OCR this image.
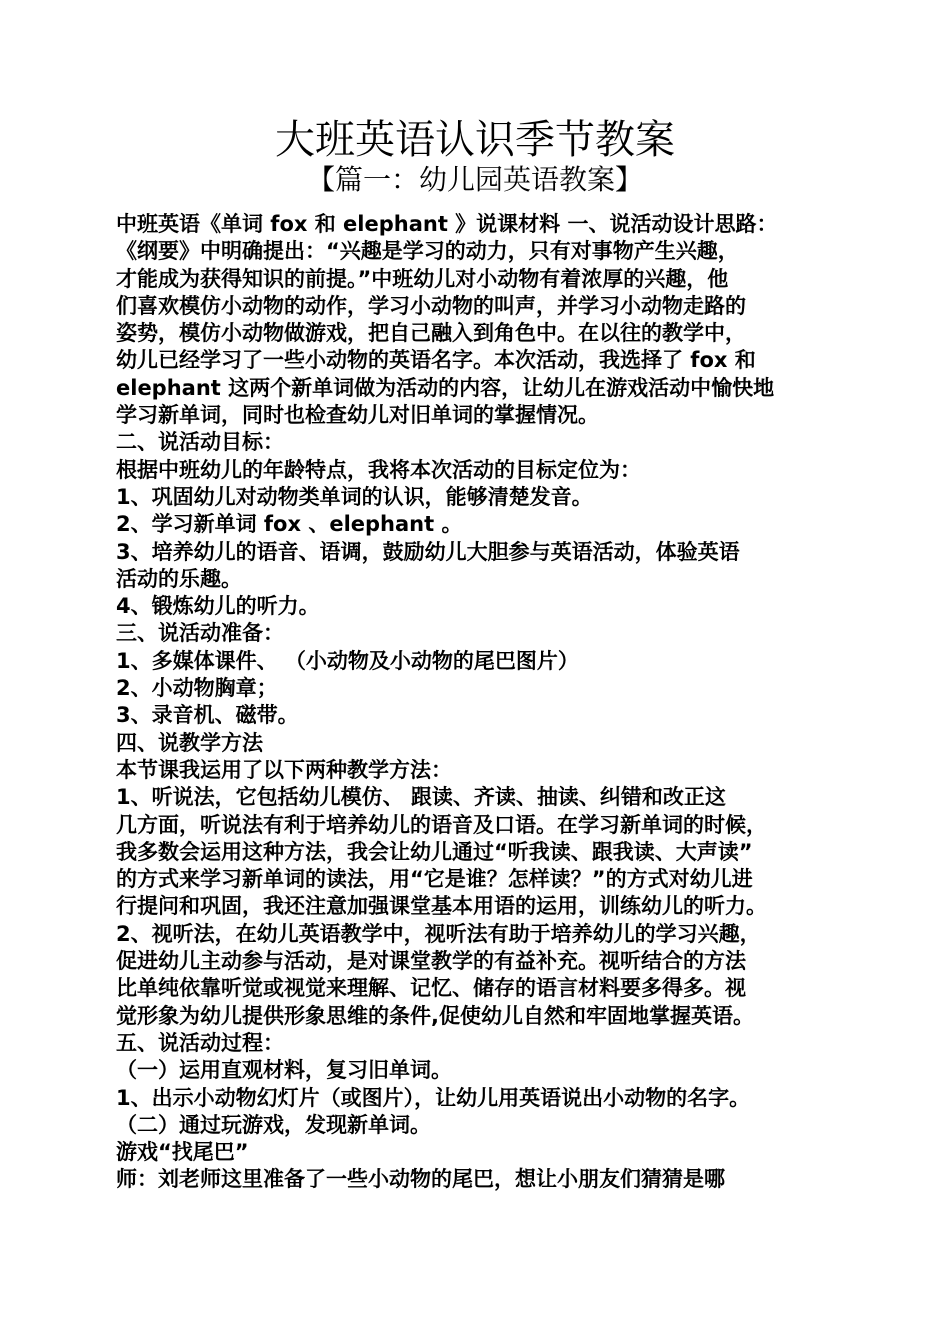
大班英语认识季节教案
【篇一：幼儿园英语教案】
中班英语《单词 fox 和 elephant 》说课材料 一、说活动设计思路：
《纲要》中明确提出：“兴趣是学习的动力，只有对事物产生兴趣，
才能成为获得知识的前提。”中班幼儿对小动物有着浓厚的兴趣，他
们喜欢模仿小动物的动作，学习小动物的叫声，并学习小动物走路的
姿势，模仿小动物做游戏，把自己融入到角色中。在以往的教学中，
幼儿已经学习了一些小动物的英语名字。本次活动，我选择了 fox 和
elephant 这两个新单词做为活动的内容，让幼儿在游戏活动中愉快地
学习新单词，同时也检查幼儿对旧单词的掌握情况。
二、说活动目标：
根据中班幼儿的年龄特点，我将本次活动的目标定位为：
1、巩固幼儿对动物类单词的认识，能够清楚发音。
2、学习新单词 fox 、elephant 。
3、培养幼儿的语音、语调，鼓励幼儿大胆参与英语活动，体验英语
活动的乐趣。
4、锻炼幼儿的听力。
三、说活动准备：
1、多媒体课件、 （小动物及小动物的尾巴图片）
2、小动物胸章；
3、录音机、磁带。
四、说教学方法
本节课我运用了以下两种教学方法：
1、听说法，它包括幼儿模仿、 跟读、齐读、抽读、纠错和改正这
几方面，听说法有利于培养幼儿的语音及口语。在学习新单词的时候，
我多数会运用这种方法，我会让幼儿通过“听我读、跟我读、大声读”
的方式来学习新单词的读法，用“它是谁？怎样读？”的方式对幼儿进
行提问和巩固，我还注意加强课堂基本用语的运用，训练幼儿的听力。
2、视听法，在幼儿英语教学中，视听法有助于培养幼儿的学习兴趣，
促进幼儿主动参与活动，是对课堂教学的有益补充。视听结合的方法
比单纯依靠听觉或视觉来理解、记忆、储存的语言材料要多得多。视
觉形象为幼儿提供形象思维的条件,促使幼儿自然和牢固地掌握英语。
五、说活动过程：
（一）运用直观材料，复习旧单词。
1、出示小动物幻灯片（或图片），让幼儿用英语说出小动物的名字。
（二）通过玩游戏，发现新单词。
游戏“找尾巴”
师：刘老师这里准备了一些小动物的尾巴，想让小朋友们猜猜是哪
